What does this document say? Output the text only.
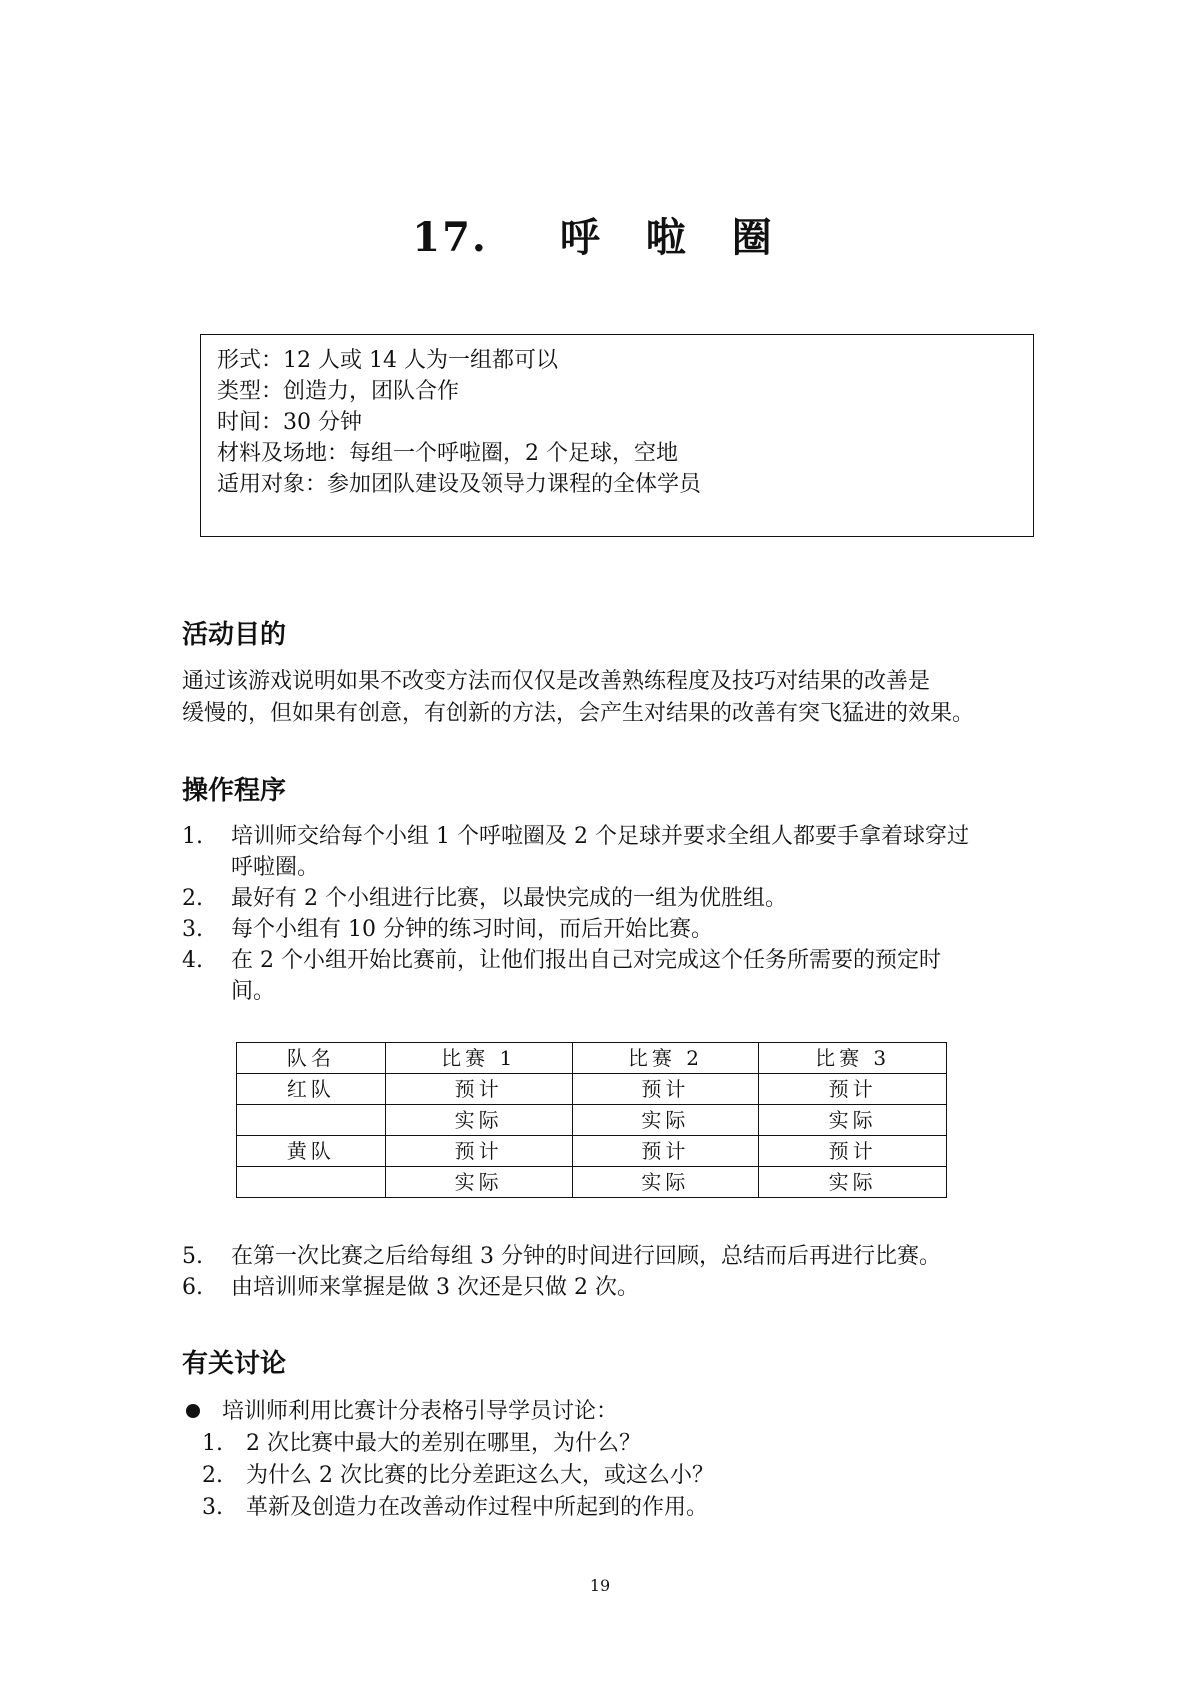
17. 呼 啦 圈

形式：12 人或 14 人为一组都可以

类型：创造力，团队合作

时间：30 分钟

材料及场地：每组一个呼啦圈，2 个足球，空地

适用对象：参加团队建设及领导力课程的全体学员

活动目的

通过该游戏说明如果不改变方法而仅仅是改善熟练程度及技巧对结果的改善是
缓慢的，但如果有创意，有创新的方法，会产生对结果的改善有突飞猛进的效果。

操作程序
1. 培训师交给每个小组 1 个呼啦圈及 2 个足球并要求全组人都要手拿着球穿过
呼啦圈。
2. 最好有 2 个小组进行比赛，以最快完成的一组为优胜组。
3. 每个小组有 10 分钟的练习时间，而后开始比赛。
4. 在 2 个小组开始比赛前，让他们报出自己对完成这个任务所需要的预定时
间。
队名	比赛 1	比赛 2	比赛 3
红队	预计	预计	预计
	实际	实际	实际
黄队	预计	预计	预计
	实际	实际	实际
5. 在第一次比赛之后给每组 3 分钟的时间进行回顾，总结而后再进行比赛。
6. 由培训师来掌握是做 3 次还是只做 2 次。
有关讨论

培训师利用比赛计分表格引导学员讨论：

1. 2 次比赛中最大的差别在哪里，为什么？
2. 为什么 2 次比赛的比分差距这么大，或这么小？
3. 革新及创造力在改善动作过程中所起到的作用。

19
